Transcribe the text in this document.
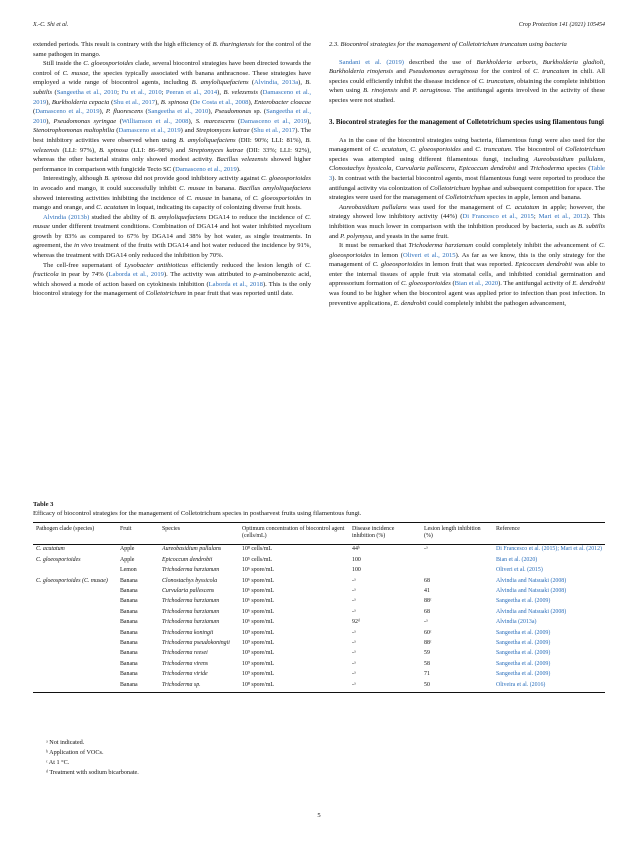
X.-C. Shi et al.	Crop Protection 141 (2021) 105454

extended periods. This result is contrary with the high efficiency of B. thuringiensis for the control of the same pathogen in mango.

Still inside the C. gloeosporioides clade, several biocontrol strategies have been directed towards the control of C. musae, the species typically associated with banana anthracnose. These strategies have employed a wide range of biocontrol agents, including B. amyloliquefaciens (Alvindia, 2013a), B. subtilis (Sangeetha et al., 2010; Fu et al., 2010; Peeran et al., 2014), B. velezensis (Damasceno et al., 2019), Burkholderia cepacia (Shu et al., 2017), B. spinosa (De Costa et al., 2008), Enterobacter cloacae (Damasceno et al., 2019), P. fluorescens (Sangeetha et al., 2010), Pseudomonas sp. (Sangeetha et al., 2010), Pseudomonas syringae (Williamson et al., 2008), S. marcescens (Damasceno et al., 2019), Stenotrophomonas maltophilia (Damasceno et al., 2019) and Streptomyces katrae (Shu et al., 2017). The best inhibitory activities were observed when using B. amyloliquefaciens (DII: 90%; LLI: 81%), B. velezensis (LLI: 97%), B. spinosa (LLI: 86–98%) and Streptomyces katrae (DII: 33%; LLI: 92%), whereas the other bacterial strains only showed modest activity. Bacillus velezensis showed higher performance in comparison with fungicide Tecto SC (Damasceno et al., 2019).

Interestingly, although B. spinosa did not provide good inhibitory activity against C. gloeosporioides in avocado and mango, it could successfully inhibit C. musae in banana. Bacillus amyloliquefaciens showed interesting activities inhibiting the incidence of C. musae in banana, of C. gloeosporioides in mango and orange, and C. acutatum in loquat, indicating its capacity of colonizing diverse fruit hosts.

Alvindia (2013b) studied the ability of B. amyloliquefaciens DGA14 to reduce the incidence of C. musae under different treatment conditions. Combination of DGA14 and hot water inhibited mycelium growth by 83% as compared to 67% by DGA14 and 38% by hot water, as single treatments. In agreement, the in vivo treatment of the fruits with DGA14 and hot water reduced the incidence by 91%, whereas the treatment with DGA14 only reduced the inhibition by 70%.

The cell-free supernatant of Lysobacter antibioticus efficiently reduced the lesion length of C. fructicola in pear by 74% (Laborda et al., 2019). The activity was attributed to p-aminobenzoic acid, which showed a mode of action based on cytokinesis inhibition (Laborda et al., 2018). This is the only biocontrol strategy for the management of Colletotrichum in pear fruit that was reported until date.

2.3. Biocontrol strategies for the management of Colletotrichum truncatum using bacteria

Sandani et al. (2019) described the use of Burkholderia arboris, Burkholderia gladioli, Burkholderia rinojensis and Pseudomonas aeruginosa for the control of C. truncatum in chili. All species could efficiently inhibit the disease incidence of C. truncatum, obtaining the complete inhibition when using B. rinojensis and P. aeruginosa. The antifungal agents involved in the activity of these species were not studied.

3. Biocontrol strategies for the management of Colletotrichum species using filamentous fungi

As in the case of the biocontrol strategies using bacteria, filamentous fungi were also used for the management of C. acutatum, C. gloeosporioides and C. truncatum. The biocontrol of Colletotrichum species was attempted using different filamentous fungi, including Aureobasidium pullulans, Clonostachys byssicola, Curvularia pallescens, Epicoccum dendrobii and Trichoderma species (Table 3). In contrast with the bacterial biocontrol agents, most filamentous fungi were reported to produce the antifungal activity via colonization of Colletotrichum hyphae and subsequent competition for space. The strategies were used for the management of Colletotrichum species in apple, lemon and banana.

Aureobasidium pullulans was used for the management of C. acutatum in apple; however, the strategy showed low inhibitory activity (44%) (Di Francesco et al., 2015; Mari et al., 2012). This inhibition was much lower in comparison with the inhibition produced by bacteria, such as B. subtilis and P. polymyxa, and yeasts in the same fruit.

It must be remarked that Trichoderma harzianum could completely inhibit the advancement of C. gloeosporioides in lemon (Oliveri et al., 2015). As far as we know, this is the only strategy for the management of C. gloeosporioides in lemon fruit that was reported. Epicoccum dendrobii was able to enter the internal tissues of apple fruit via stomatal cells, and inhibited conidial germination and appressorium formation of C. gloeosporioides (Bian et al., 2020). The antifungal activity of E. dendrobii was found to be higher when the biocontrol agent was applied prior to infection than post infection. In preventive applications, E. dendrobii could completely inhibit the pathogen advancement,

Table 3
Efficacy of biocontrol strategies for the management of Colletotrichum species in postharvest fruits using filamentous fungi.
Pathogen clade (species)	Fruit	Species	Optimum concentration of biocontrol agent (cells/mL)	Disease incidence inhibition (%)	Lesion length inhibition (%)	Reference
C. acutatum	Apple	Aureobasidium pullulans	10⁸ cells/mL	44ᵇ	-ᵃ	Di Francesco et al. (2015); Mari et al. (2012)
C. gloeosporioides	Apple	Epicoccum dendrobii	10⁵ cells/mL	100		Bian et al. (2020)
	Lemon	Trichoderma harzianum	10⁶ spore/mL	100		Oliveri et al. (2015)
C. gloeosporioides (C. musae)	Banana	Clonostachys byssicola	10⁶ spore/mL	-ᵃ	68	Alvindia and Natsuaki (2008)
	Banana	Curvularia pallescens	10⁶ spore/mL	-ᵃ	41	Alvindia and Natsuaki (2008)
	Banana	Trichoderma harzianum	10⁶ spore/mL	-ᵃ	88ᶜ	Sangeetha et al. (2009)
	Banana	Trichoderma harzianum	10⁶ spore/mL	-ᵃ	68	Alvindia and Natsuaki (2008)
	Banana	Trichoderma harzianum	10⁶ spore/mL	92ᵈ	-ᵃ	Alvindia (2013a)
	Banana	Trichoderma koningii	10⁹ spore/mL	-ᵃ	60ᶜ	Sangeetha et al. (2009)
	Banana	Trichoderma pseudokoningii	10⁹ spore/mL	-ᵃ	88ᶜ	Sangeetha et al. (2009)
	Banana	Trichoderma reesei	10⁹ spore/mL	-ᵃ	59	Sangeetha et al. (2009)
	Banana	Trichoderma virens	10⁹ spore/mL	-ᵃ	58	Sangeetha et al. (2009)
	Banana	Trichoderma viride	10⁹ spore/mL	-ᵃ	71	Sangeetha et al. (2009)
	Banana	Trichoderma sp.	10⁸ spore/mL	-ᵃ	50	Oliveira et al. (2016)
ᵃ Not indicated.
ᵇ Application of VOCs.
ᶜ At 1 °C.
ᵈ Treatment with sodium bicarbonate.
5
